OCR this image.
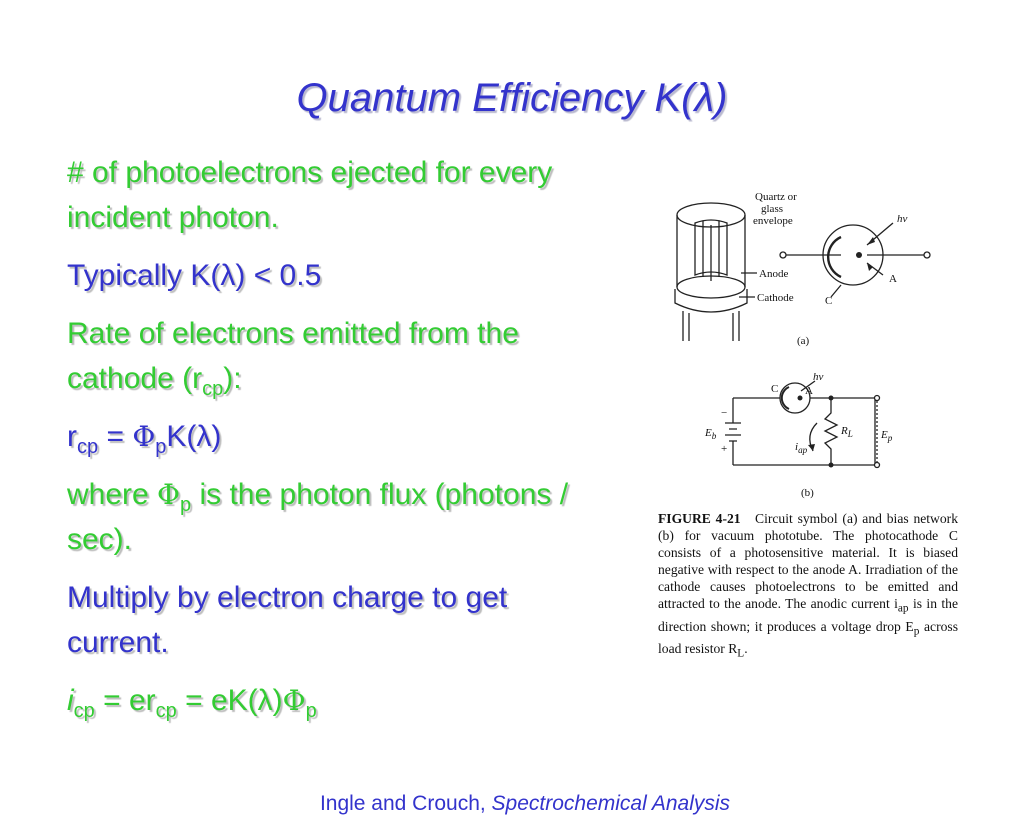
Quantum Efficiency K(λ)

# of photoelectrons ejected for every incident photon.

Typically K(λ) < 0.5

Rate of electrons emitted from the cathode $(r_{cp})$:

$r_{cp} = \Phi_pK(\lambda)$

where $\Phi_p$ is the photon flux (photons / sec).

Multiply by electron charge to get current.

$i_{cp} = er_{cp} = eK(\lambda)\Phi_p$

Quartz or
glass
envelope
Anode
Cathode
hν
A
C
(a)
C A
hν
$E_b$
−
+
$R_L$	$E_p$
$i_{ap}$
(b)
FIGURE 4-21 Circuit symbol (a) and bias network (b) for vacuum phototube. The photocathode C consists of a photosensitive material. It is biased negative with respect to the anode A. Irradiation of the cathode causes photoelectrons to be emitted and attracted to the anode. The anodic current $i_{ap}$ is in the direction shown; it produces a voltage drop $E_p$ across load resistor $R_L$.
Ingle and Crouch, Spectrochemical Analysis
